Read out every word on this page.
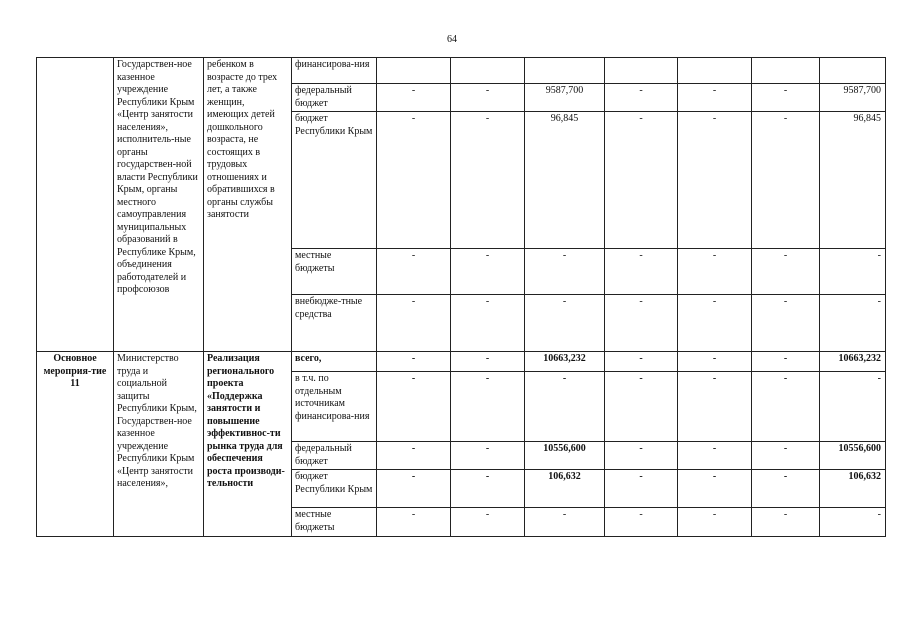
64
	Государствен-ное казенное учреждение Республики Крым «Центр занятости населения», исполнитель-ные органы государствен-ной власти Республики Крым, органы местного самоуправления муниципальных образований в Республике Крым, объединения работодателей и профсоюзов	ребенком в возрасте до трех лет, а также женщин, имеющих детей дошкольного возраста, не состоящих в трудовых отношениях и обратившихся в органы службы занятости	финансирова-ния							
			федеральный бюджет	-	-	9587,700	-	-	-	9587,700
			бюджет Республики Крым	-	-	96,845	-	-	-	96,845
			местные бюджеты	-	-	-	-	-	-	-
			внебюдже-тные средства	-	-	-	-	-	-	-
Основное мероприя-тие 11	Министерство труда и социальной защиты Республики Крым, Государствен-ное казенное учреждение Республики Крым «Центр занятости населения»,	Реализация регионального проекта «Поддержка занятости и повышение эффективнос-ти рынка труда для обеспечения роста производи-тельности	всего,	-	-	10663,232	-	-	-	10663,232
			в т.ч. по отдельным источникам финансирова-ния	-	-	-	-	-	-	-
			федеральный бюджет	-	-	10556,600	-	-	-	10556,600
			бюджет Республики Крым	-	-	106,632	-	-	-	106,632
			местные бюджеты	-	-	-	-	-	-	-
